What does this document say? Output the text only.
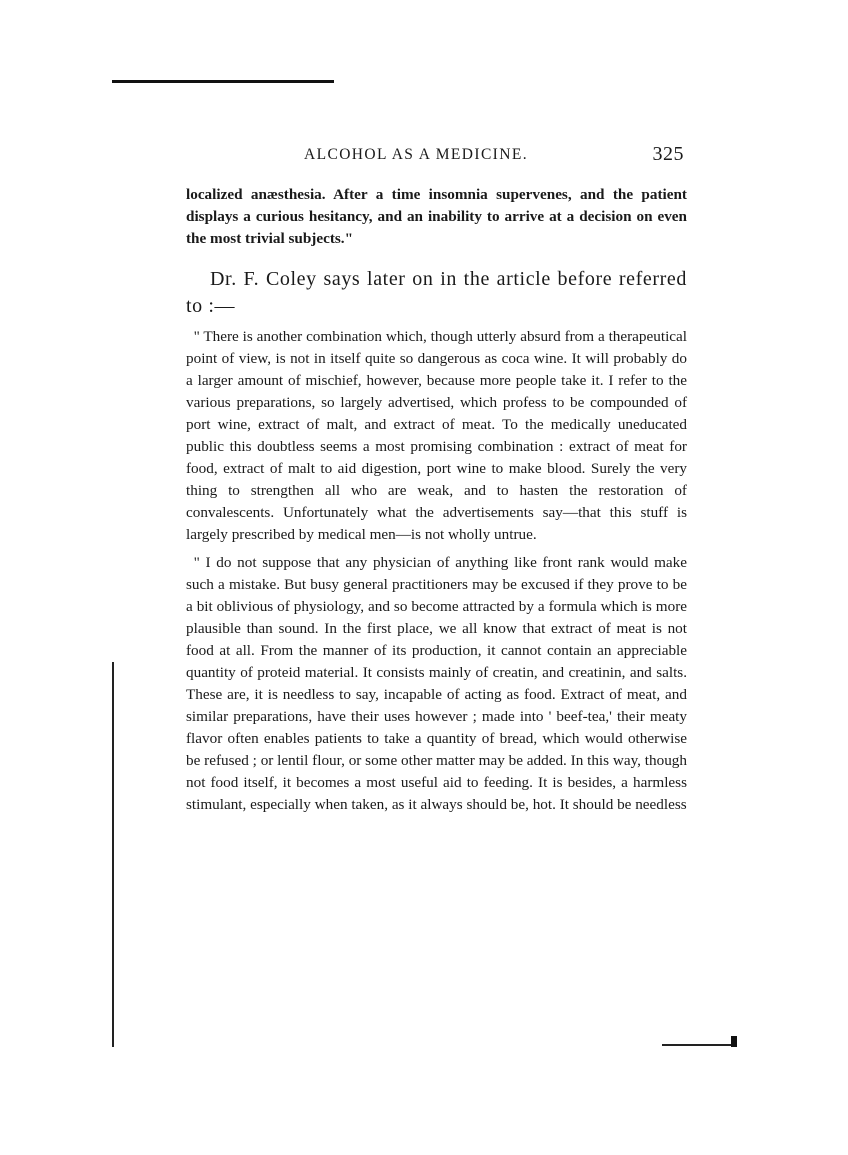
ALCOHOL AS A MEDICINE.	325

localized anæsthesia. After a time insomnia supervenes, and the patient displays a curious hesitancy, and an inability to arrive at a decision on even the most trivial subjects."

Dr. F. Coley says later on in the article before referred to :—

" There is another combination which, though utterly absurd from a therapeutical point of view, is not in itself quite so dangerous as coca wine. It will probably do a larger amount of mischief, however, because more people take it. I refer to the various preparations, so largely advertised, which profess to be compounded of port wine, extract of malt, and extract of meat. To the medically uneducated public this doubtless seems a most promising combination : extract of meat for food, extract of malt to aid digestion, port wine to make blood. Surely the very thing to strengthen all who are weak, and to hasten the restoration of convalescents. Unfortunately what the advertisements say—that this stuff is largely prescribed by medical men—is not wholly untrue.

" I do not suppose that any physician of anything like front rank would make such a mistake. But busy general practitioners may be excused if they prove to be a bit oblivious of physiology, and so become attracted by a formula which is more plausible than sound. In the first place, we all know that extract of meat is not food at all. From the manner of its production, it cannot contain an appreciable quantity of proteid material. It consists mainly of creatin, and creatinin, and salts. These are, it is needless to say, incapable of acting as food. Extract of meat, and similar preparations, have their uses however ; made into ' beef-tea,' their meaty flavor often enables patients to take a quantity of bread, which would otherwise be refused ; or lentil flour, or some other matter may be added. In this way, though not food itself, it becomes a most useful aid to feeding. It is besides, a harmless stimulant, especially when taken, as it always should be, hot. It should be needless
